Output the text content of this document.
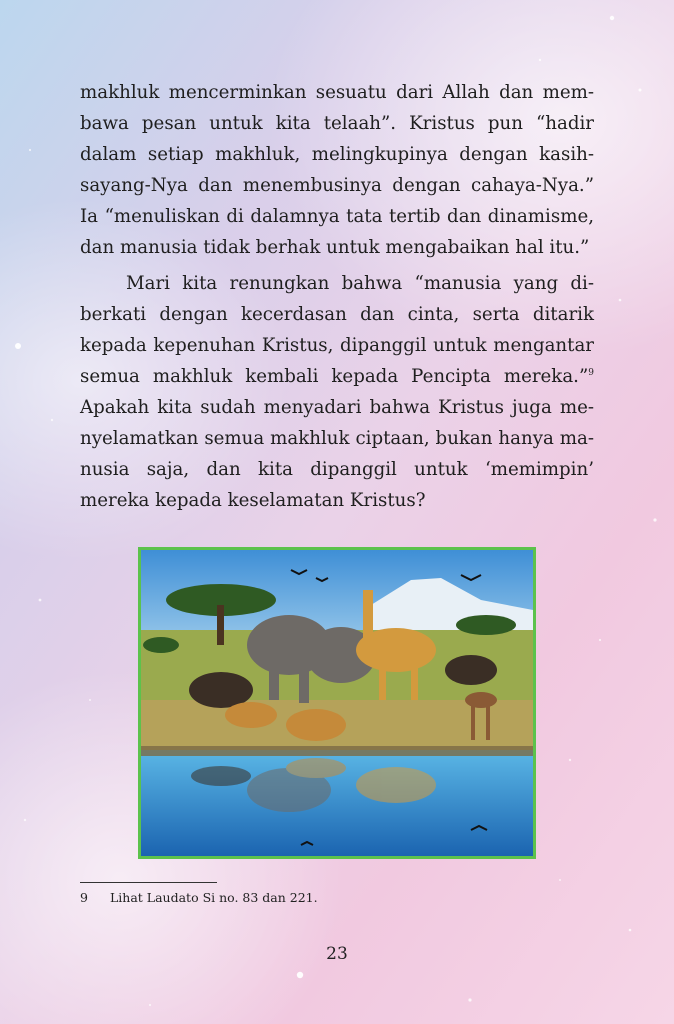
makhluk mencerminkan sesuatu dari Allah dan mem-bawa pesan untuk kita telaah”. Kristus pun “hadir dalam setiap makhluk, melingkupinya dengan kasih-sayang-Nya dan menembusinya dengan cahaya-Nya.” Ia “menuliskan di dalamnya tata tertib dan dinamisme, dan manusia tidak berhak untuk mengabaikan hal itu.”

Mari kita renungkan bahwa “manusia yang di-berkati dengan kecerdasan dan cinta, serta ditarik kepada kepenuhan Kristus, dipanggil untuk mengantar semua makhluk kembali kepada Pencipta mereka.”$^9$ Apakah kita sudah menyadari bahwa Kristus juga me-nyelamatkan semua makhluk ciptaan, bukan hanya ma-nusia saja, dan kita dipanggil untuk ‘memimpin’ mereka kepada keselamatan Kristus?

9 Lihat Laudato Si no. 83 dan 221.
23
